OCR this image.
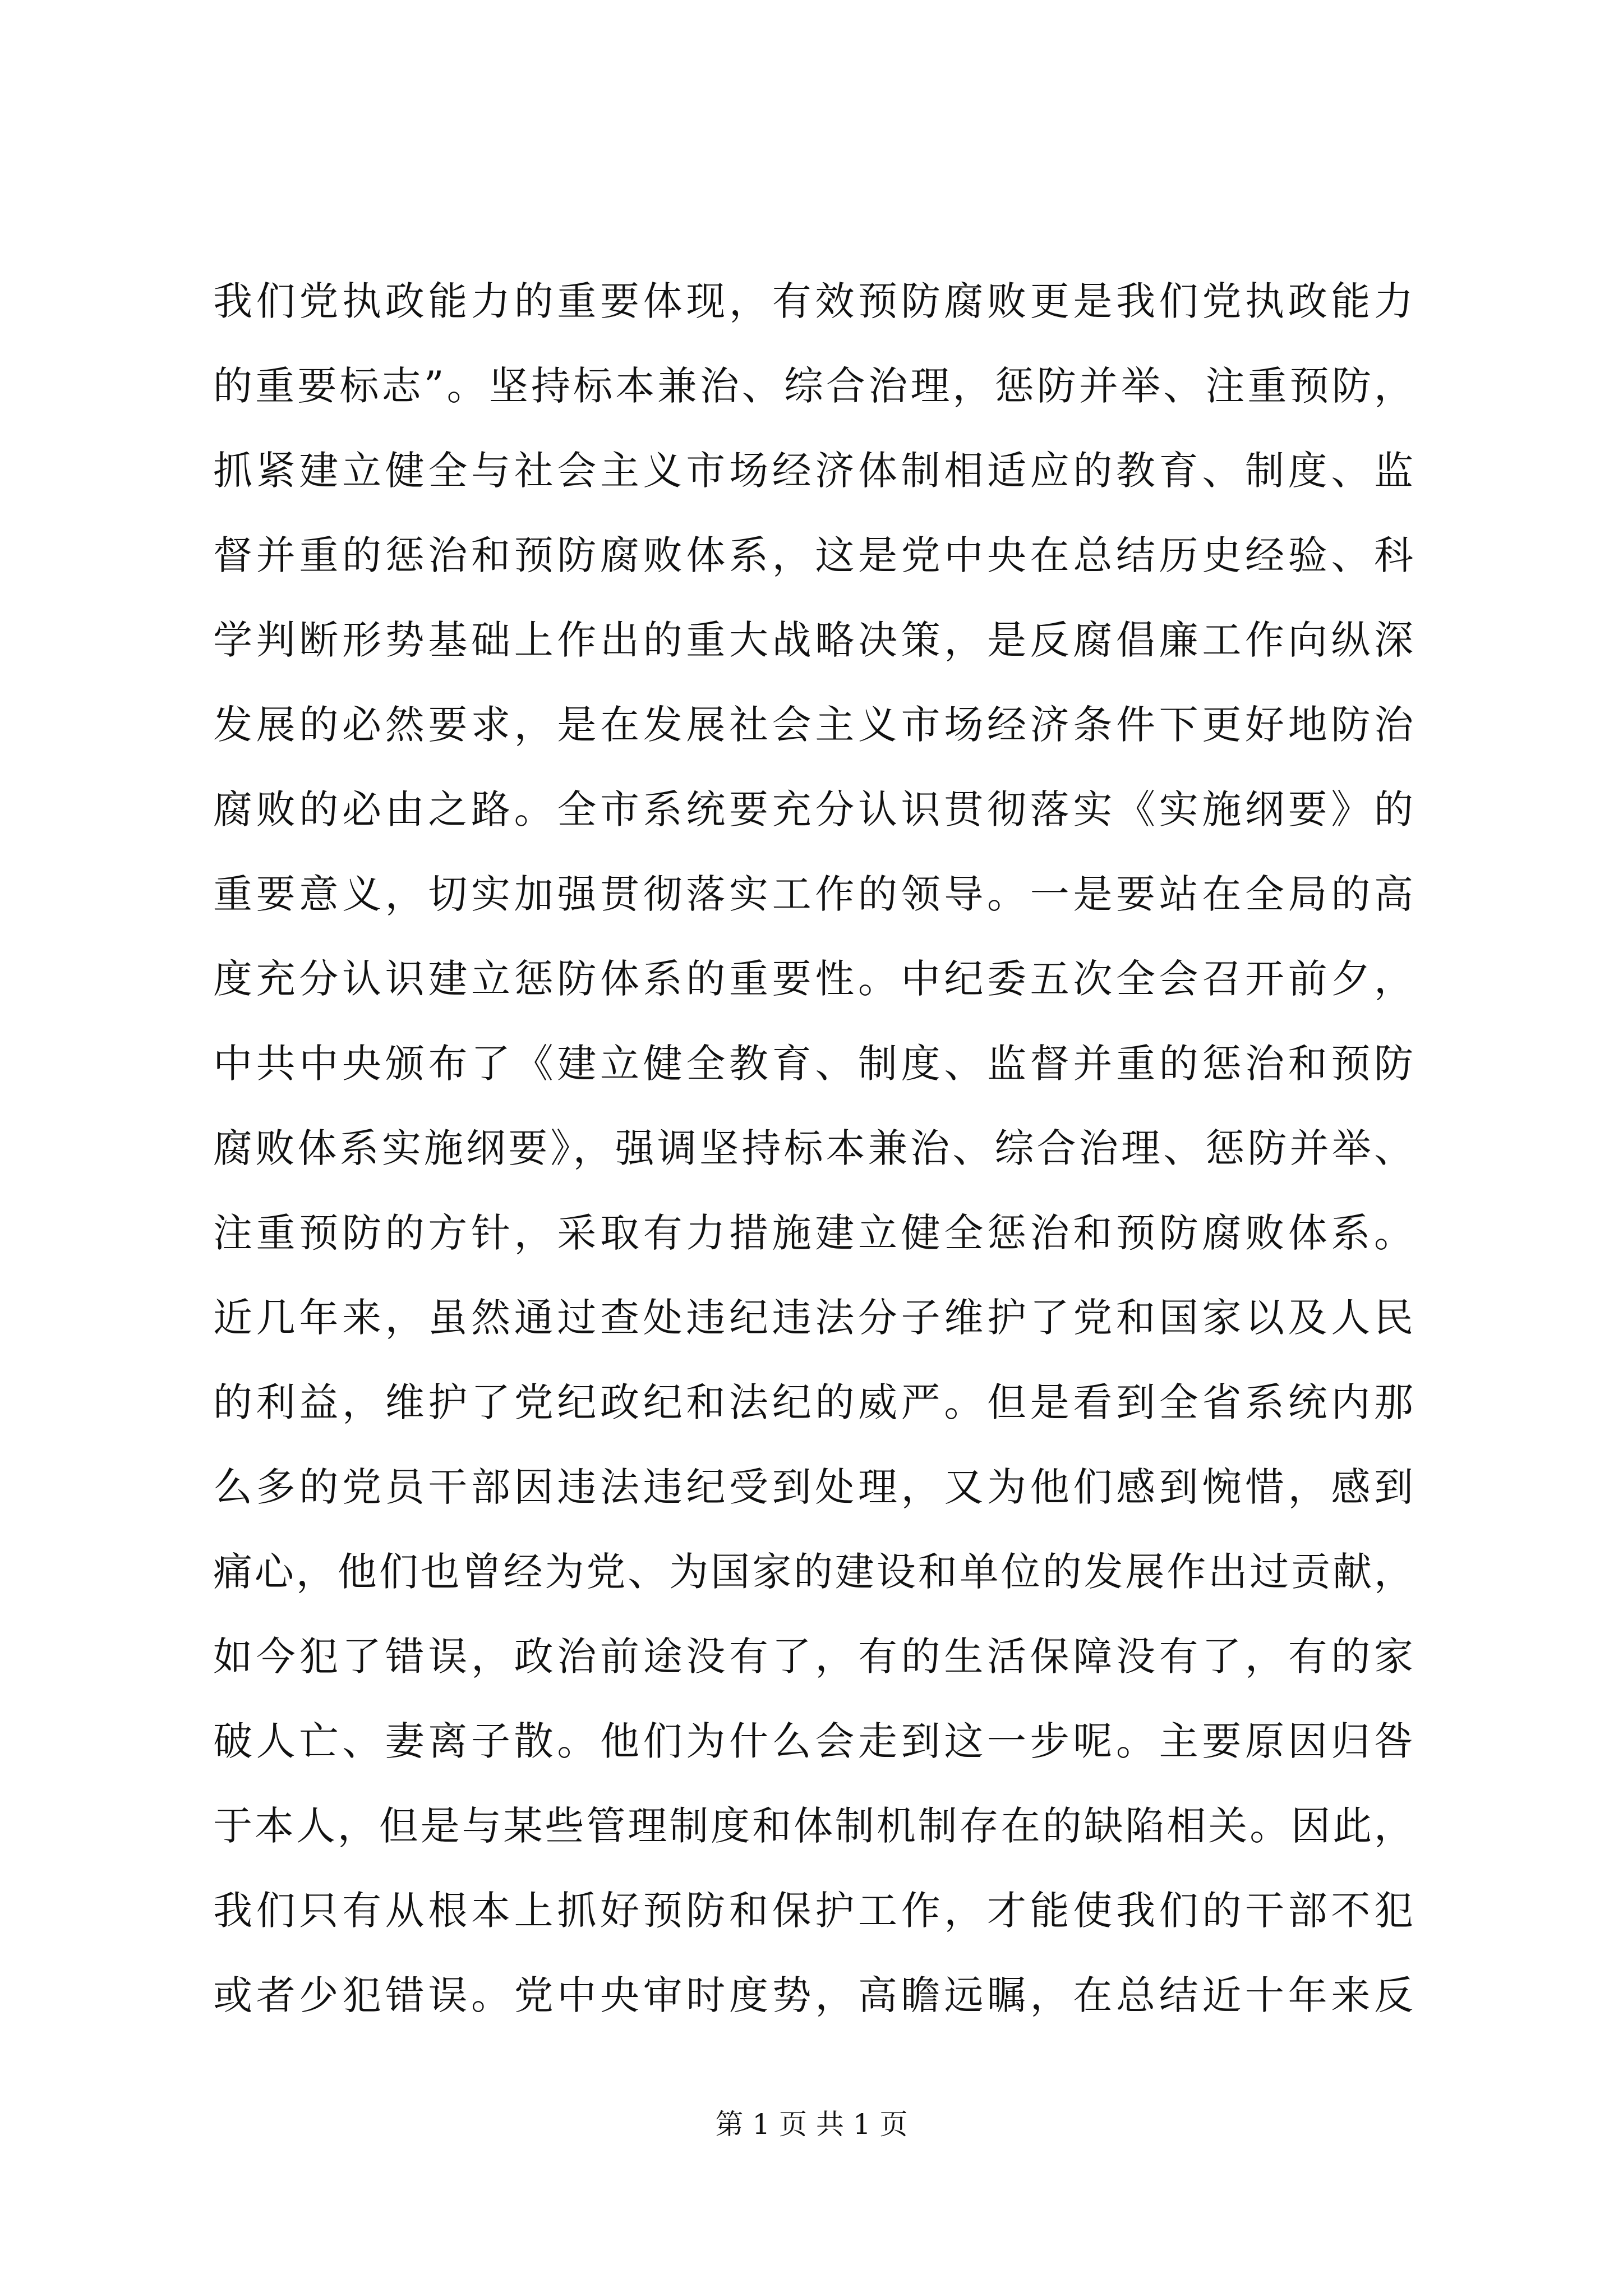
我们党执政能力的重要体现，有效预防腐败更是我们党执政能力
的重要标志”。坚持标本兼治、综合治理，惩防并举、注重预防，
抓紧建立健全与社会主义市场经济体制相适应的教育、制度、监
督并重的惩治和预防腐败体系，这是党中央在总结历史经验、科
学判断形势基础上作出的重大战略决策，是反腐倡廉工作向纵深
发展的必然要求，是在发展社会主义市场经济条件下更好地防治
腐败的必由之路。全市系统要充分认识贯彻落实《实施纲要》的
重要意义，切实加强贯彻落实工作的领导。一是要站在全局的高
度充分认识建立惩防体系的重要性。中纪委五次全会召开前夕，
中共中央颁布了《建立健全教育、制度、监督并重的惩治和预防
腐败体系实施纲要》，强调坚持标本兼治、综合治理、惩防并举、
注重预防的方针，采取有力措施建立健全惩治和预防腐败体系。
近几年来，虽然通过查处违纪违法分子维护了党和国家以及人民
的利益，维护了党纪政纪和法纪的威严。但是看到全省系统内那
么多的党员干部因违法违纪受到处理，又为他们感到惋惜，感到
痛心，他们也曾经为党、为国家的建设和单位的发展作出过贡献，
如今犯了错误，政治前途没有了，有的生活保障没有了，有的家
破人亡、妻离子散。他们为什么会走到这一步呢。主要原因归咎
于本人，但是与某些管理制度和体制机制存在的缺陷相关。因此，
我们只有从根本上抓好预防和保护工作，才能使我们的干部不犯
或者少犯错误。党中央审时度势，高瞻远瞩，在总结近十年来反
第 1 页 共 1 页
